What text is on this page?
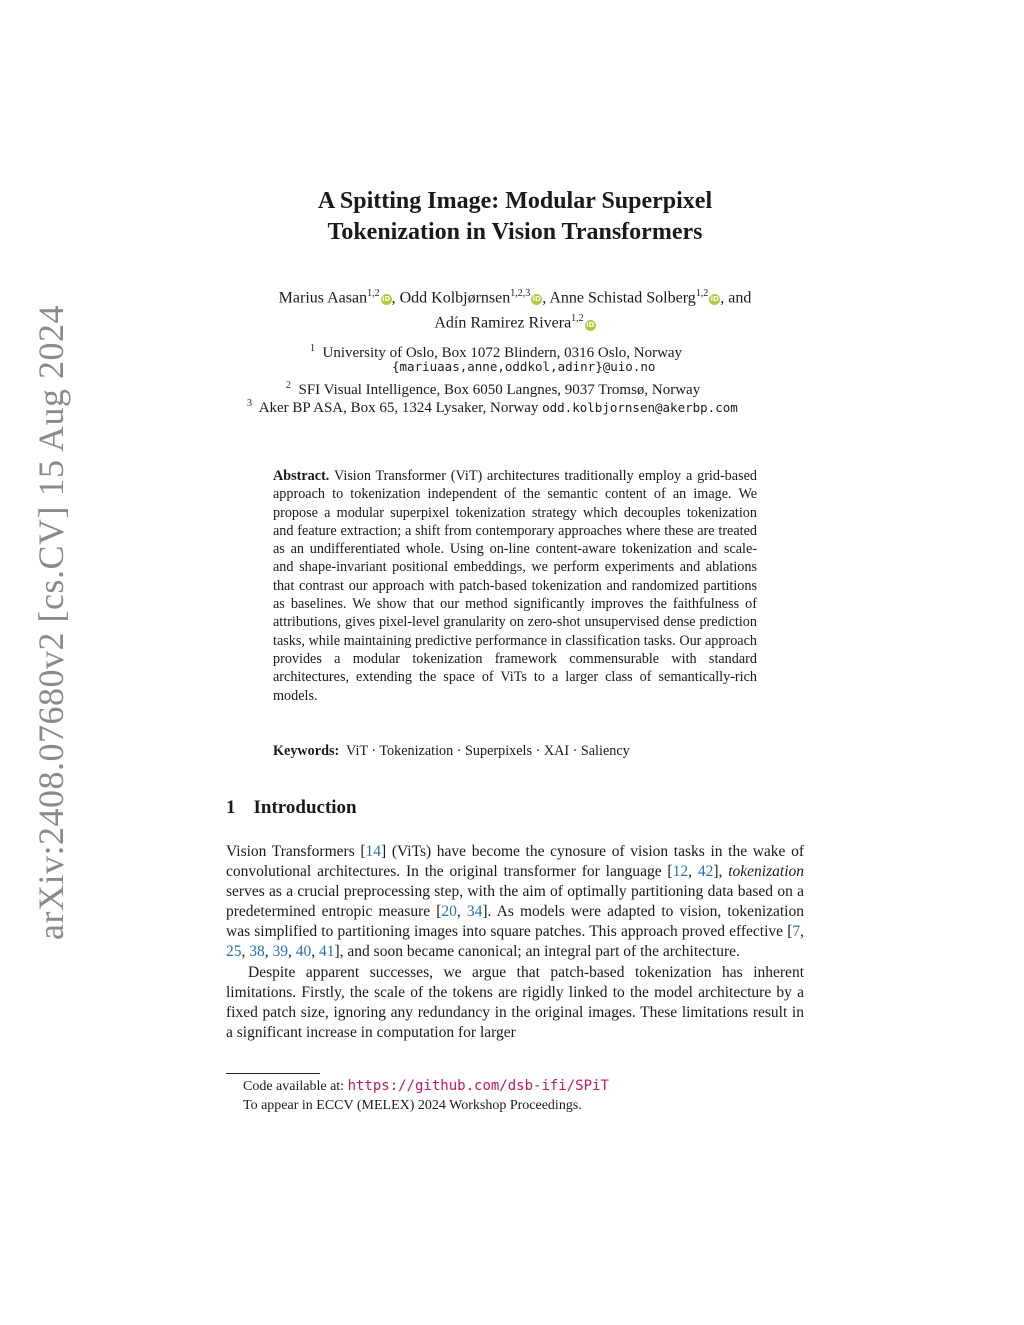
arXiv:2408.07680v2 [cs.CV] 15 Aug 2024
A Spitting Image: Modular Superpixel
Tokenization in Vision Transformers
Marius Aasan$^{1,2}$iD, Odd Kolbjørnsen$^{1,2,3}$iD, Anne Schistad Solberg$^{1,2}$iD, and
Adín Ramirez Rivera$^{1,2}$iD
$^1$ University of Oslo, Box 1072 Blindern, 0316 Oslo, Norway
{mariuaas,anne,oddkol,adinr}@uio.no
$^2$ SFI Visual Intelligence, Box 6050 Langnes, 9037 Tromsø, Norway
$^3$ Aker BP ASA, Box 65, 1324 Lysaker, Norway odd.kolbjornsen@akerbp.com
Abstract. Vision Transformer (ViT) architectures traditionally employ a grid-based approach to tokenization independent of the semantic content of an image. We propose a modular superpixel tokenization strategy which decouples tokenization and feature extraction; a shift from contemporary approaches where these are treated as an undifferentiated whole. Using on-line content-aware tokenization and scale- and shape-invariant positional embeddings, we perform experiments and ablations that contrast our approach with patch-based tokenization and randomized partitions as baselines. We show that our method significantly improves the faithfulness of attributions, gives pixel-level granularity on zero-shot unsupervised dense prediction tasks, while maintaining predictive performance in classification tasks. Our approach provides a modular tokenization framework commensurable with standard architectures, extending the space of ViTs to a larger class of semantically-rich models.
Keywords: ViT · Tokenization · Superpixels · XAI · Saliency
1 Introduction

Vision Transformers [14] (ViTs) have become the cynosure of vision tasks in the wake of convolutional architectures. In the original transformer for language [12, 42], tokenization serves as a crucial preprocessing step, with the aim of optimally partitioning data based on a predetermined entropic measure [20, 34]. As models were adapted to vision, tokenization was simplified to partitioning images into square patches. This approach proved effective [7, 25, 38, 39, 40, 41], and soon became canonical; an integral part of the architecture.

Despite apparent successes, we argue that patch-based tokenization has inherent limitations. Firstly, the scale of the tokens are rigidly linked to the model architecture by a fixed patch size, ignoring any redundancy in the original images. These limitations result in a significant increase in computation for larger

Code available at: https://github.com/dsb-ifi/SPiT
To appear in ECCV (MELEX) 2024 Workshop Proceedings.
